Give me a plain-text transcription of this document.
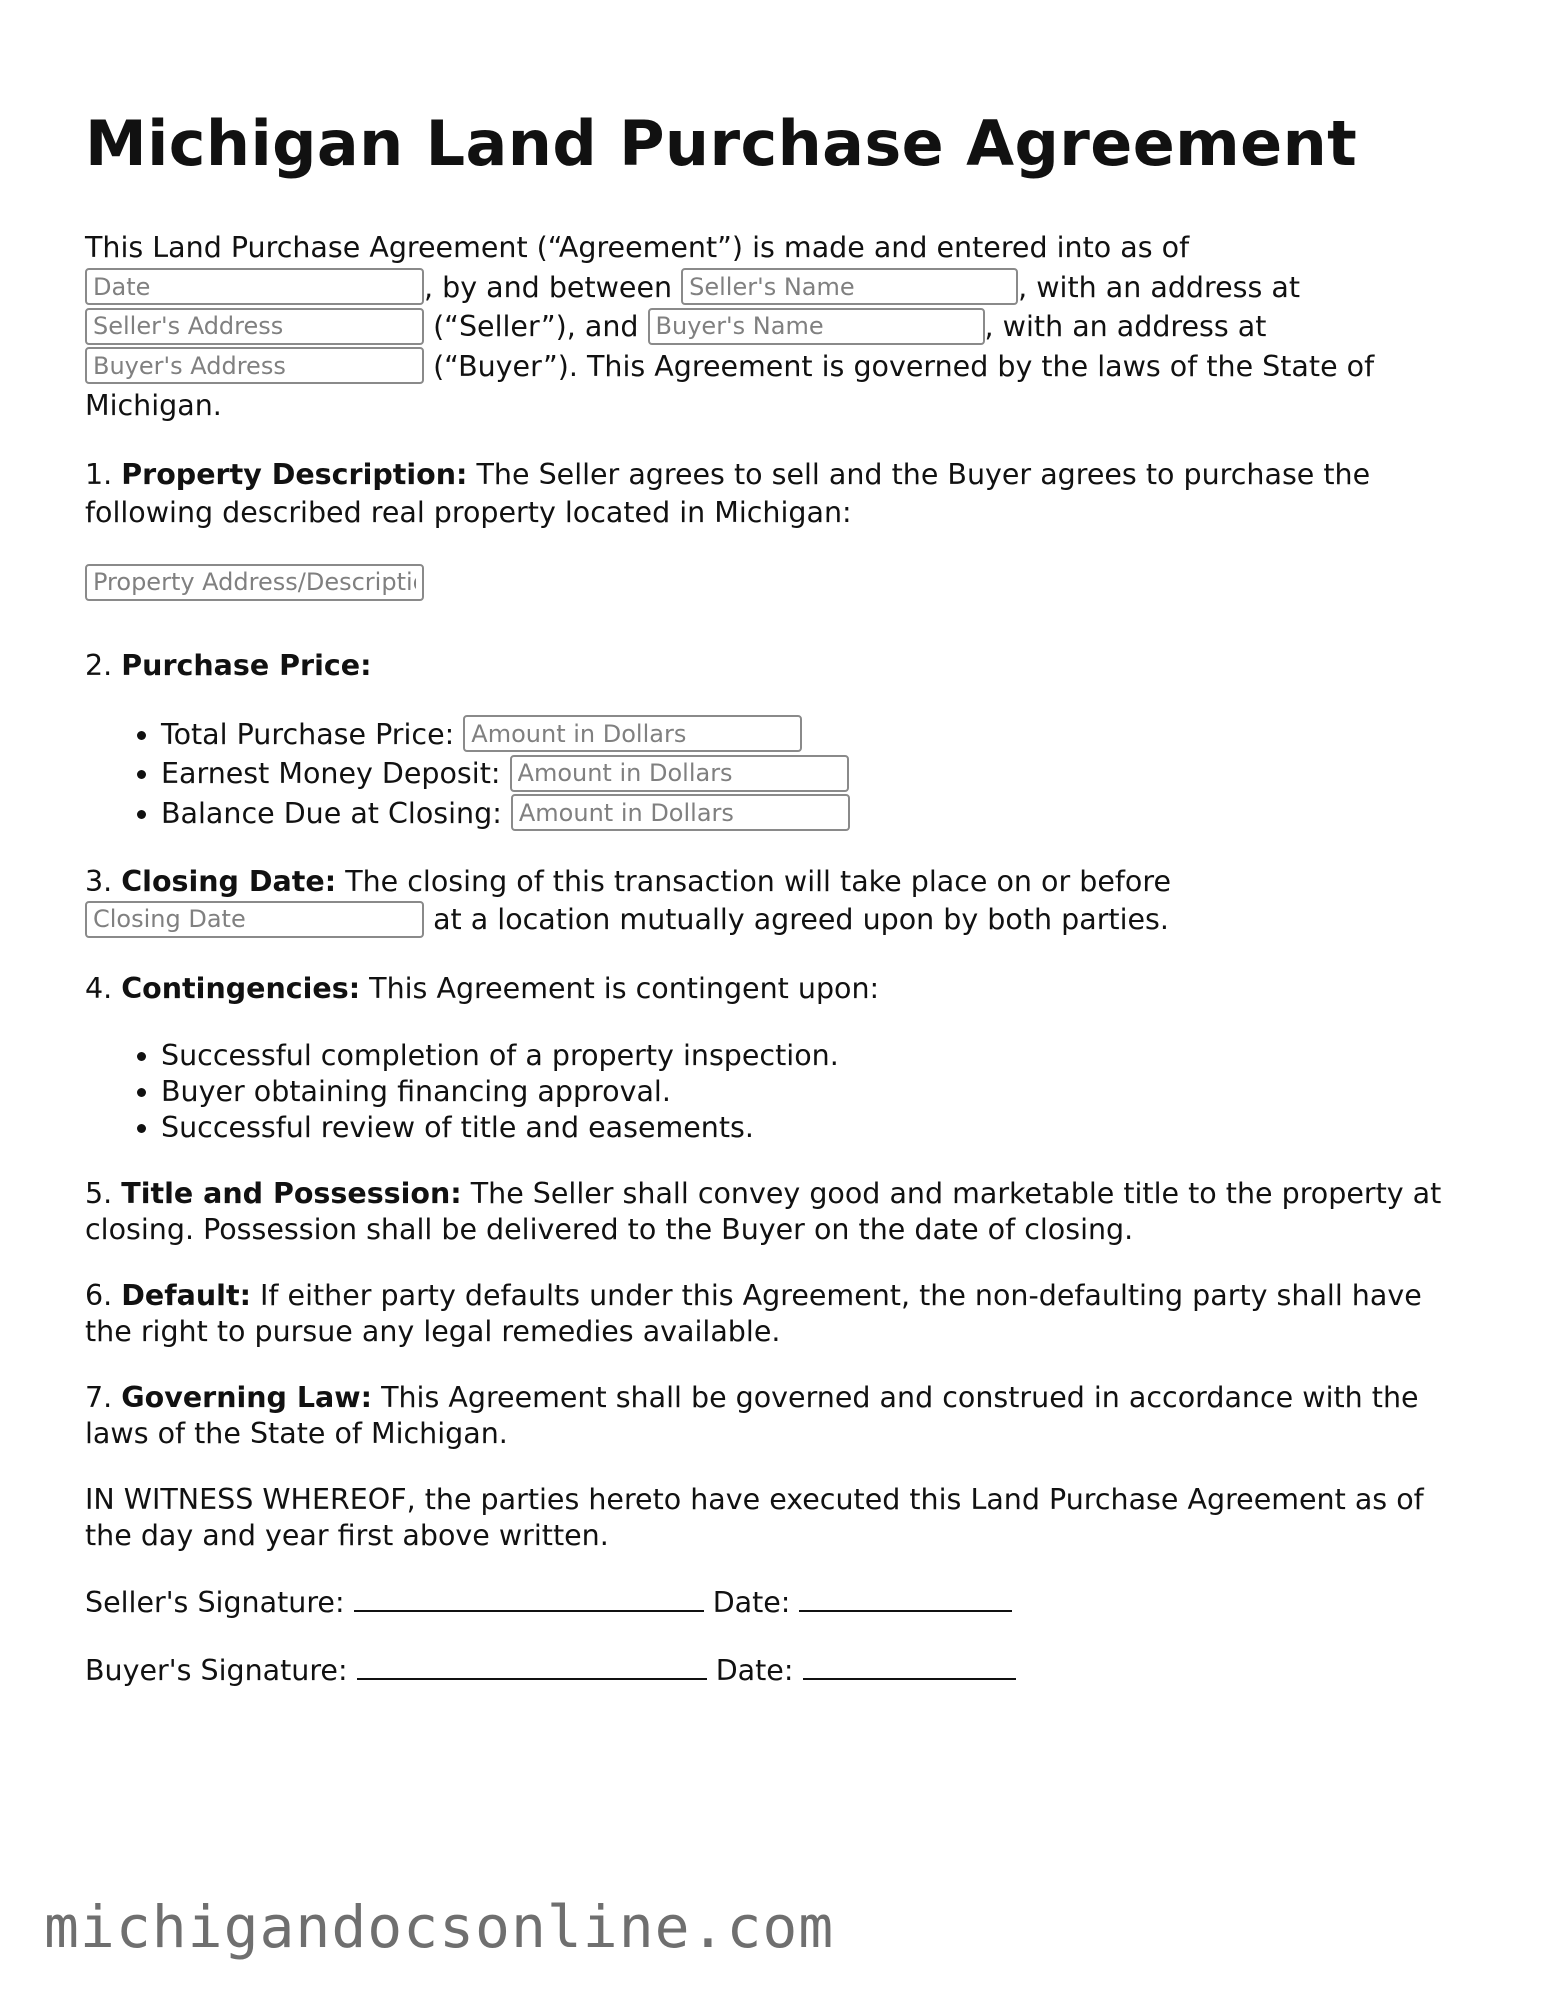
Michigan Land Purchase Agreement

This Land Purchase Agreement (“Agreement”) is made and entered into as of
Date, by and between Seller's Name	, with an address at
Seller's Address (“Seller”), and Buyer's Name	, with an address at
Buyer's Address (“Buyer”). This Agreement is governed by the laws of the State of Michigan.

1. Property Description: The Seller agrees to sell and the Buyer agrees to purchase the following described real property located in Michigan:

Property Address/Description

2. Purchase Price:

• Total Purchase Price: Amount in Dollars
• Earnest Money Deposit: Amount in Dollars
• Balance Due at Closing: Amount in Dollars

3. Closing Date: The closing of this transaction will take place on or before
Closing Date at a location mutually agreed upon by both parties.

4. Contingencies: This Agreement is contingent upon:

• Successful completion of a property inspection.
• Buyer obtaining financing approval.
• Successful review of title and easements.

5. Title and Possession: The Seller shall convey good and marketable title to the property at closing. Possession shall be delivered to the Buyer on the date of closing.

6. Default: If either party defaults under this Agreement, the non-defaulting party shall have the right to pursue any legal remedies available.

7. Governing Law: This Agreement shall be governed and construed in accordance with the laws of the State of Michigan.

IN WITNESS WHEREOF, the parties hereto have executed this Land Purchase Agreement as of the day and year first above written.

Seller's Signature:	Date:

Buyer's Signature:	Date:

michigandocsonline.com
